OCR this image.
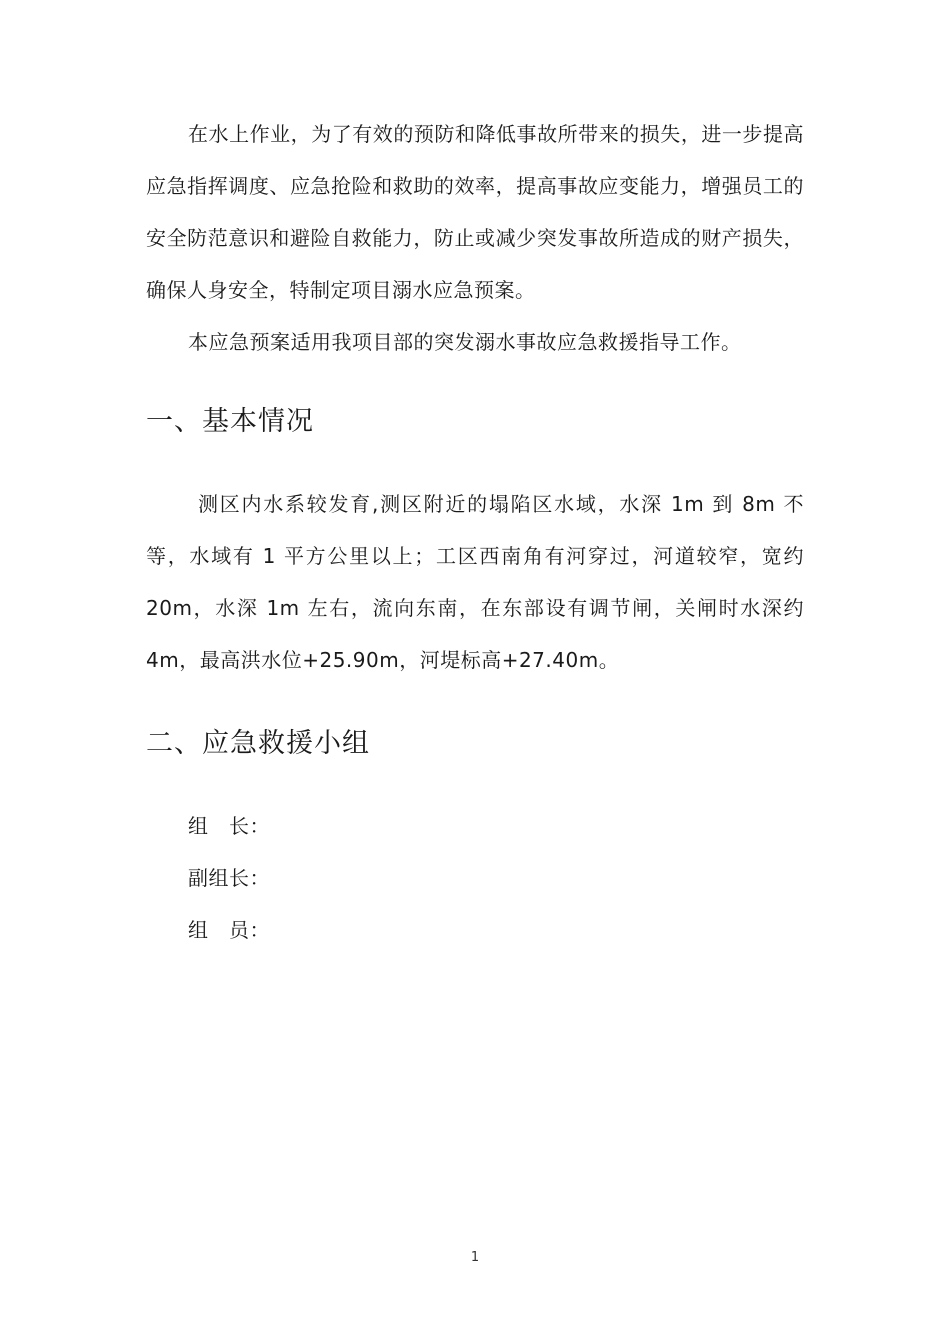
在水上作业，为了有效的预防和降低事故所带来的损失，进一步提高应急指挥调度、应急抢险和救助的效率，提高事故应变能力，增强员工的安全防范意识和避险自救能力，防止或减少突发事故所造成的财产损失，确保人身安全，特制定项目溺水应急预案。

本应急预案适用我项目部的突发溺水事故应急救援指导工作。

一、基本情况

测区内水系较发育,测区附近的塌陷区水域，水深 1m 到 8m 不等，水域有 1 平方公里以上；工区西南角有河穿过，河道较窄，宽约 20m，水深 1m 左右，流向东南，在东部设有调节闸，关闸时水深约 4m，最高洪水位+25.90m，河堤标高+27.40m。

二、应急救援小组
组　长：
副组长：
组　员：
1
